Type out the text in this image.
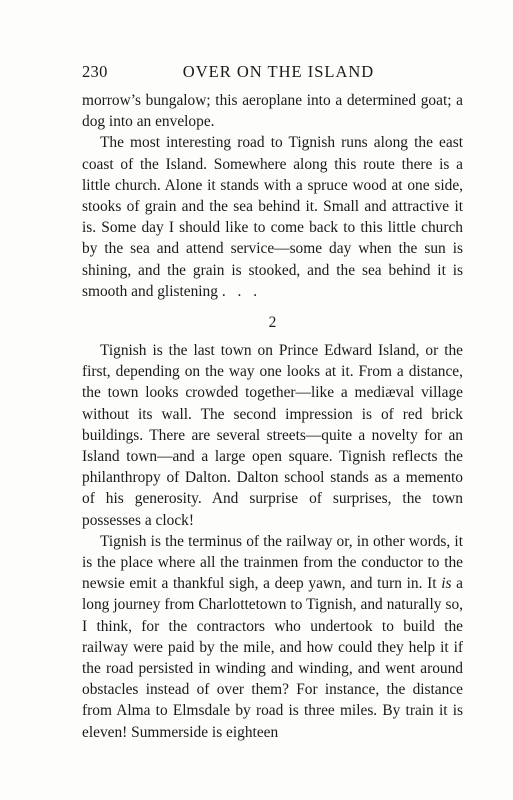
230	OVER ON THE ISLAND

morrow’s bungalow; this aeroplane into a determined goat; a dog into an envelope.

The most interesting road to Tignish runs along the east coast of the Island. Somewhere along this route there is a little church. Alone it stands with a spruce wood at one side, stooks of grain and the sea behind it. Small and attractive it is. Some day I should like to come back to this little church by the sea and attend service—some day when the sun is shining, and the grain is stooked, and the sea behind it is smooth and glistening . . .

2

Tignish is the last town on Prince Edward Island, or the first, depending on the way one looks at it. From a distance, the town looks crowded together—like a mediæval village without its wall. The second impression is of red brick buildings. There are several streets—quite a novelty for an Island town—and a large open square. Tignish reflects the philanthropy of Dalton. Dalton school stands as a memento of his generosity. And surprise of surprises, the town possesses a clock!

Tignish is the terminus of the railway or, in other words, it is the place where all the trainmen from the conductor to the newsie emit a thankful sigh, a deep yawn, and turn in. It is a long journey from Charlottetown to Tignish, and naturally so, I think, for the contractors who undertook to build the railway were paid by the mile, and how could they help it if the road persisted in winding and winding, and went around obstacles instead of over them? For instance, the distance from Alma to Elmsdale by road is three miles. By train it is eleven! Summerside is eighteen
